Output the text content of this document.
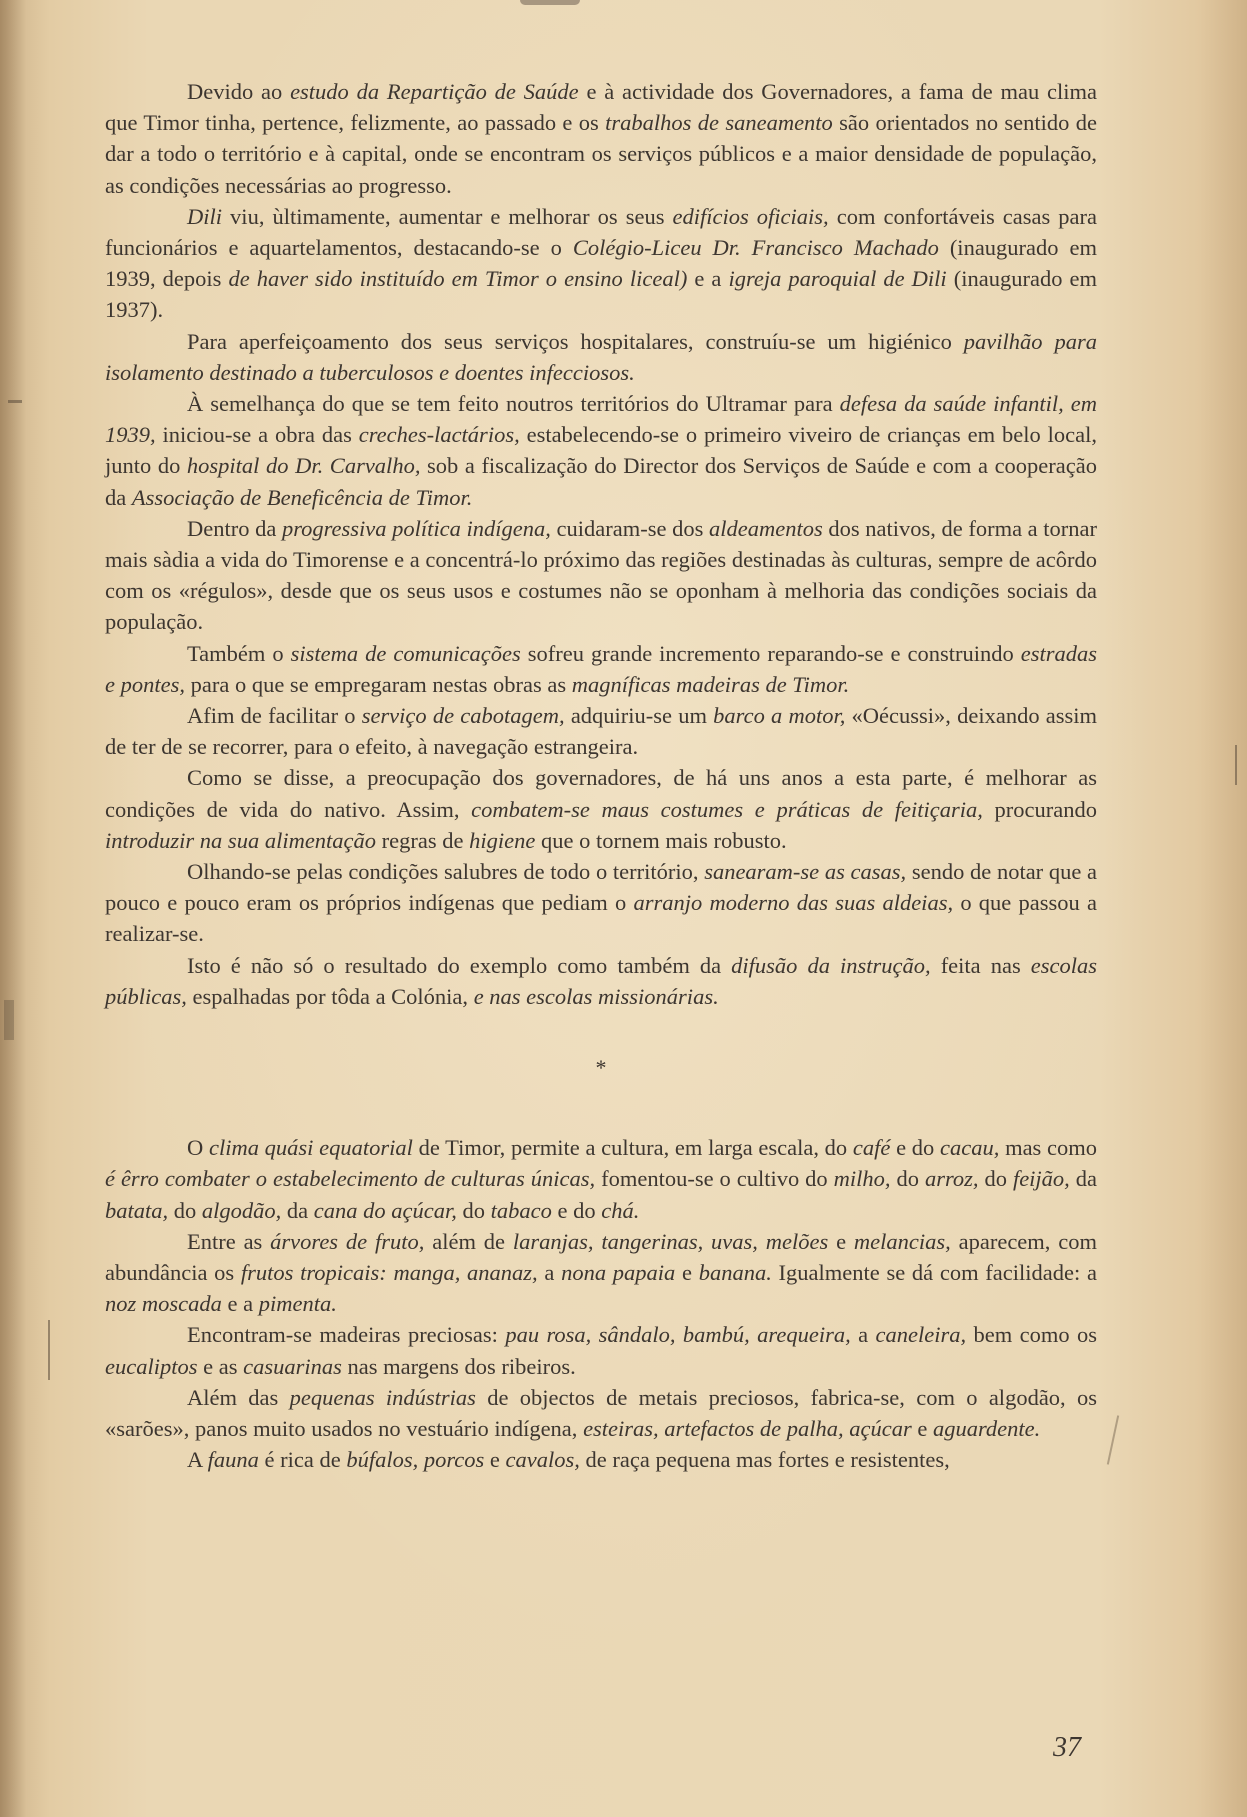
Devido ao estudo da Repartição de Saúde e à actividade dos Governadores, a fama de mau clima que Timor tinha, pertence, felizmente, ao passado e os trabalhos de saneamento são orientados no sentido de dar a todo o território e à capital, onde se encontram os serviços públicos e a maior densidade de população, as condições necessárias ao progresso.

Dili viu, ùltimamente, aumentar e melhorar os seus edifícios oficiais, com confortáveis casas para funcionários e aquartelamentos, destacando-se o Colégio-Liceu Dr. Francisco Machado (inaugurado em 1939, depois de haver sido instituído em Timor o ensino liceal) e a igreja paroquial de Dili (inaugurado em 1937).

Para aperfeiçoamento dos seus serviços hospitalares, construíu-se um higiénico pavilhão para isolamento destinado a tuberculosos e doentes infecciosos.

À semelhança do que se tem feito noutros territórios do Ultramar para defesa da saúde infantil, em 1939, iniciou-se a obra das creches-lactários, estabelecendo-se o primeiro viveiro de crianças em belo local, junto do hospital do Dr. Carvalho, sob a fiscalização do Director dos Serviços de Saúde e com a cooperação da Associação de Beneficência de Timor.

Dentro da progressiva política indígena, cuidaram-se dos aldeamentos dos nativos, de forma a tornar mais sàdia a vida do Timorense e a concentrá-lo próximo das regiões destinadas às culturas, sempre de acôrdo com os «régulos», desde que os seus usos e costumes não se oponham à melhoria das condições sociais da população.

Também o sistema de comunicações sofreu grande incremento reparando-se e construindo estradas e pontes, para o que se empregaram nestas obras as magníficas madeiras de Timor.

Afim de facilitar o serviço de cabotagem, adquiriu-se um barco a motor, «Oécussi», deixando assim de ter de se recorrer, para o efeito, à navegação estrangeira.

Como se disse, a preocupação dos governadores, de há uns anos a esta parte, é melhorar as condições de vida do nativo. Assim, combatem-se maus costumes e práticas de feitiçaria, procurando introduzir na sua alimentação regras de higiene que o tornem mais robusto.

Olhando-se pelas condições salubres de todo o território, sanearam-se as casas, sendo de notar que a pouco e pouco eram os próprios indígenas que pediam o arranjo moderno das suas aldeias, o que passou a realizar-se.

Isto é não só o resultado do exemplo como também da difusão da instrução, feita nas escolas públicas, espalhadas por tôda a Colónia, e nas escolas missionárias.

*

O clima quási equatorial de Timor, permite a cultura, em larga escala, do café e do cacau, mas como é êrro combater o estabelecimento de culturas únicas, fomentou-se o cultivo do milho, do arroz, do feijão, da batata, do algodão, da cana do açúcar, do tabaco e do chá.

Entre as árvores de fruto, além de laranjas, tangerinas, uvas, melões e melancias, aparecem, com abundância os frutos tropicais: manga, ananaz, a nona papaia e banana. Igualmente se dá com facilidade: a noz moscada e a pimenta.

Encontram-se madeiras preciosas: pau rosa, sândalo, bambú, arequeira, a caneleira, bem como os eucaliptos e as casuarinas nas margens dos ribeiros.

Além das pequenas indústrias de objectos de metais preciosos, fabrica-se, com o algodão, os «sarões», panos muito usados no vestuário indígena, esteiras, artefactos de palha, açúcar e aguardente.

A fauna é rica de búfalos, porcos e cavalos, de raça pequena mas fortes e resistentes,

37
